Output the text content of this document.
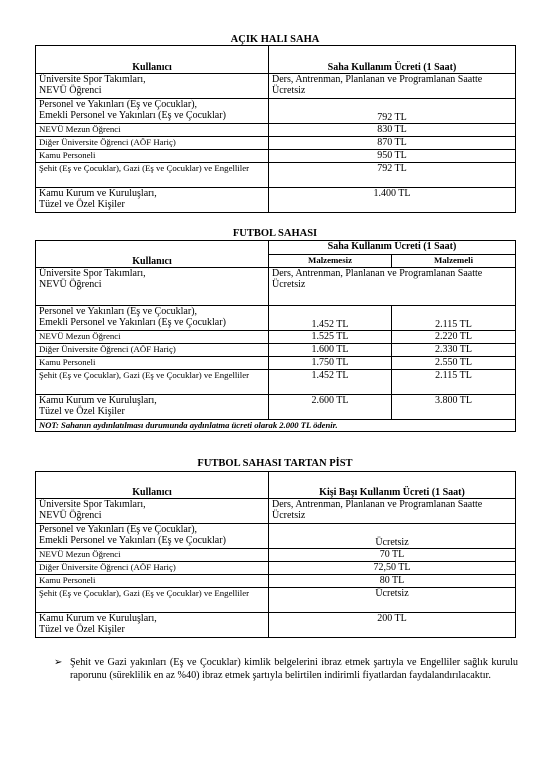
AÇIK HALI SAHA
Kullanıcı	Saha Kullanım Ücreti (1 Saat)
Üniversite Spor Takımları,
NEVÜ Öğrenci	Ders, Antrenman, Planlanan ve Programlanan Saatte Ücretsiz
Personel ve Yakınları (Eş ve Çocuklar),
Emekli Personel ve Yakınları (Eş ve Çocuklar)	792 TL
NEVÜ Mezun Öğrenci	830 TL
Diğer Üniversite Öğrenci (AÖF Hariç)	870 TL
Kamu Personeli	950 TL
Şehit (Eş ve Çocuklar), Gazi (Eş ve Çocuklar) ve Engelliler	792 TL
Kamu Kurum ve Kuruluşları,
Tüzel ve Özel Kişiler	1.400 TL
FUTBOL SAHASI
Kullanıcı	Saha Kullanım Ücreti (1 Saat)	
	Malzemesiz	Malzemeli
Üniversite Spor Takımları,
NEVÜ Öğrenci	Ders, Antrenman, Planlanan ve Programlanan Saatte Ücretsiz	
Personel ve Yakınları (Eş ve Çocuklar),
Emekli Personel ve Yakınları (Eş ve Çocuklar)	1.452 TL	2.115 TL
NEVÜ Mezun Öğrenci	1.525 TL	2.220 TL
Diğer Üniversite Öğrenci (AÖF Hariç)	1.600 TL	2.330 TL
Kamu Personeli	1.750 TL	2.550 TL
Şehit (Eş ve Çocuklar), Gazi (Eş ve Çocuklar) ve Engelliler	1.452 TL	2.115 TL
Kamu Kurum ve Kuruluşları,
Tüzel ve Özel Kişiler	2.600 TL	3.800 TL
NOT: Sahanın aydınlatılması durumunda aydınlatma ücreti olarak 2.000 TL ödenir.		
FUTBOL SAHASI TARTAN PİST
Kullanıcı	Kişi Başı Kullanım Ücreti (1 Saat)
Üniversite Spor Takımları,
NEVÜ Öğrenci	Ders, Antrenman, Planlanan ve Programlanan Saatte Ücretsiz
Personel ve Yakınları (Eş ve Çocuklar),
Emekli Personel ve Yakınları (Eş ve Çocuklar)	Ücretsiz
NEVÜ Mezun Öğrenci	70 TL
Diğer Üniversite Öğrenci (AÖF Hariç)	72,50 TL
Kamu Personeli	80 TL
Şehit (Eş ve Çocuklar), Gazi (Eş ve Çocuklar) ve Engelliler	Ücretsiz
Kamu Kurum ve Kuruluşları,
Tüzel ve Özel Kişiler	200 TL
➢ Şehit ve Gazi yakınları (Eş ve Çocuklar) kimlik belgelerini ibraz etmek şartıyla ve Engelliler sağlık kurulu raporunu (süreklilik en az %40) ibraz etmek şartıyla belirtilen indirimli fiyatlardan faydalandırılacaktır.
